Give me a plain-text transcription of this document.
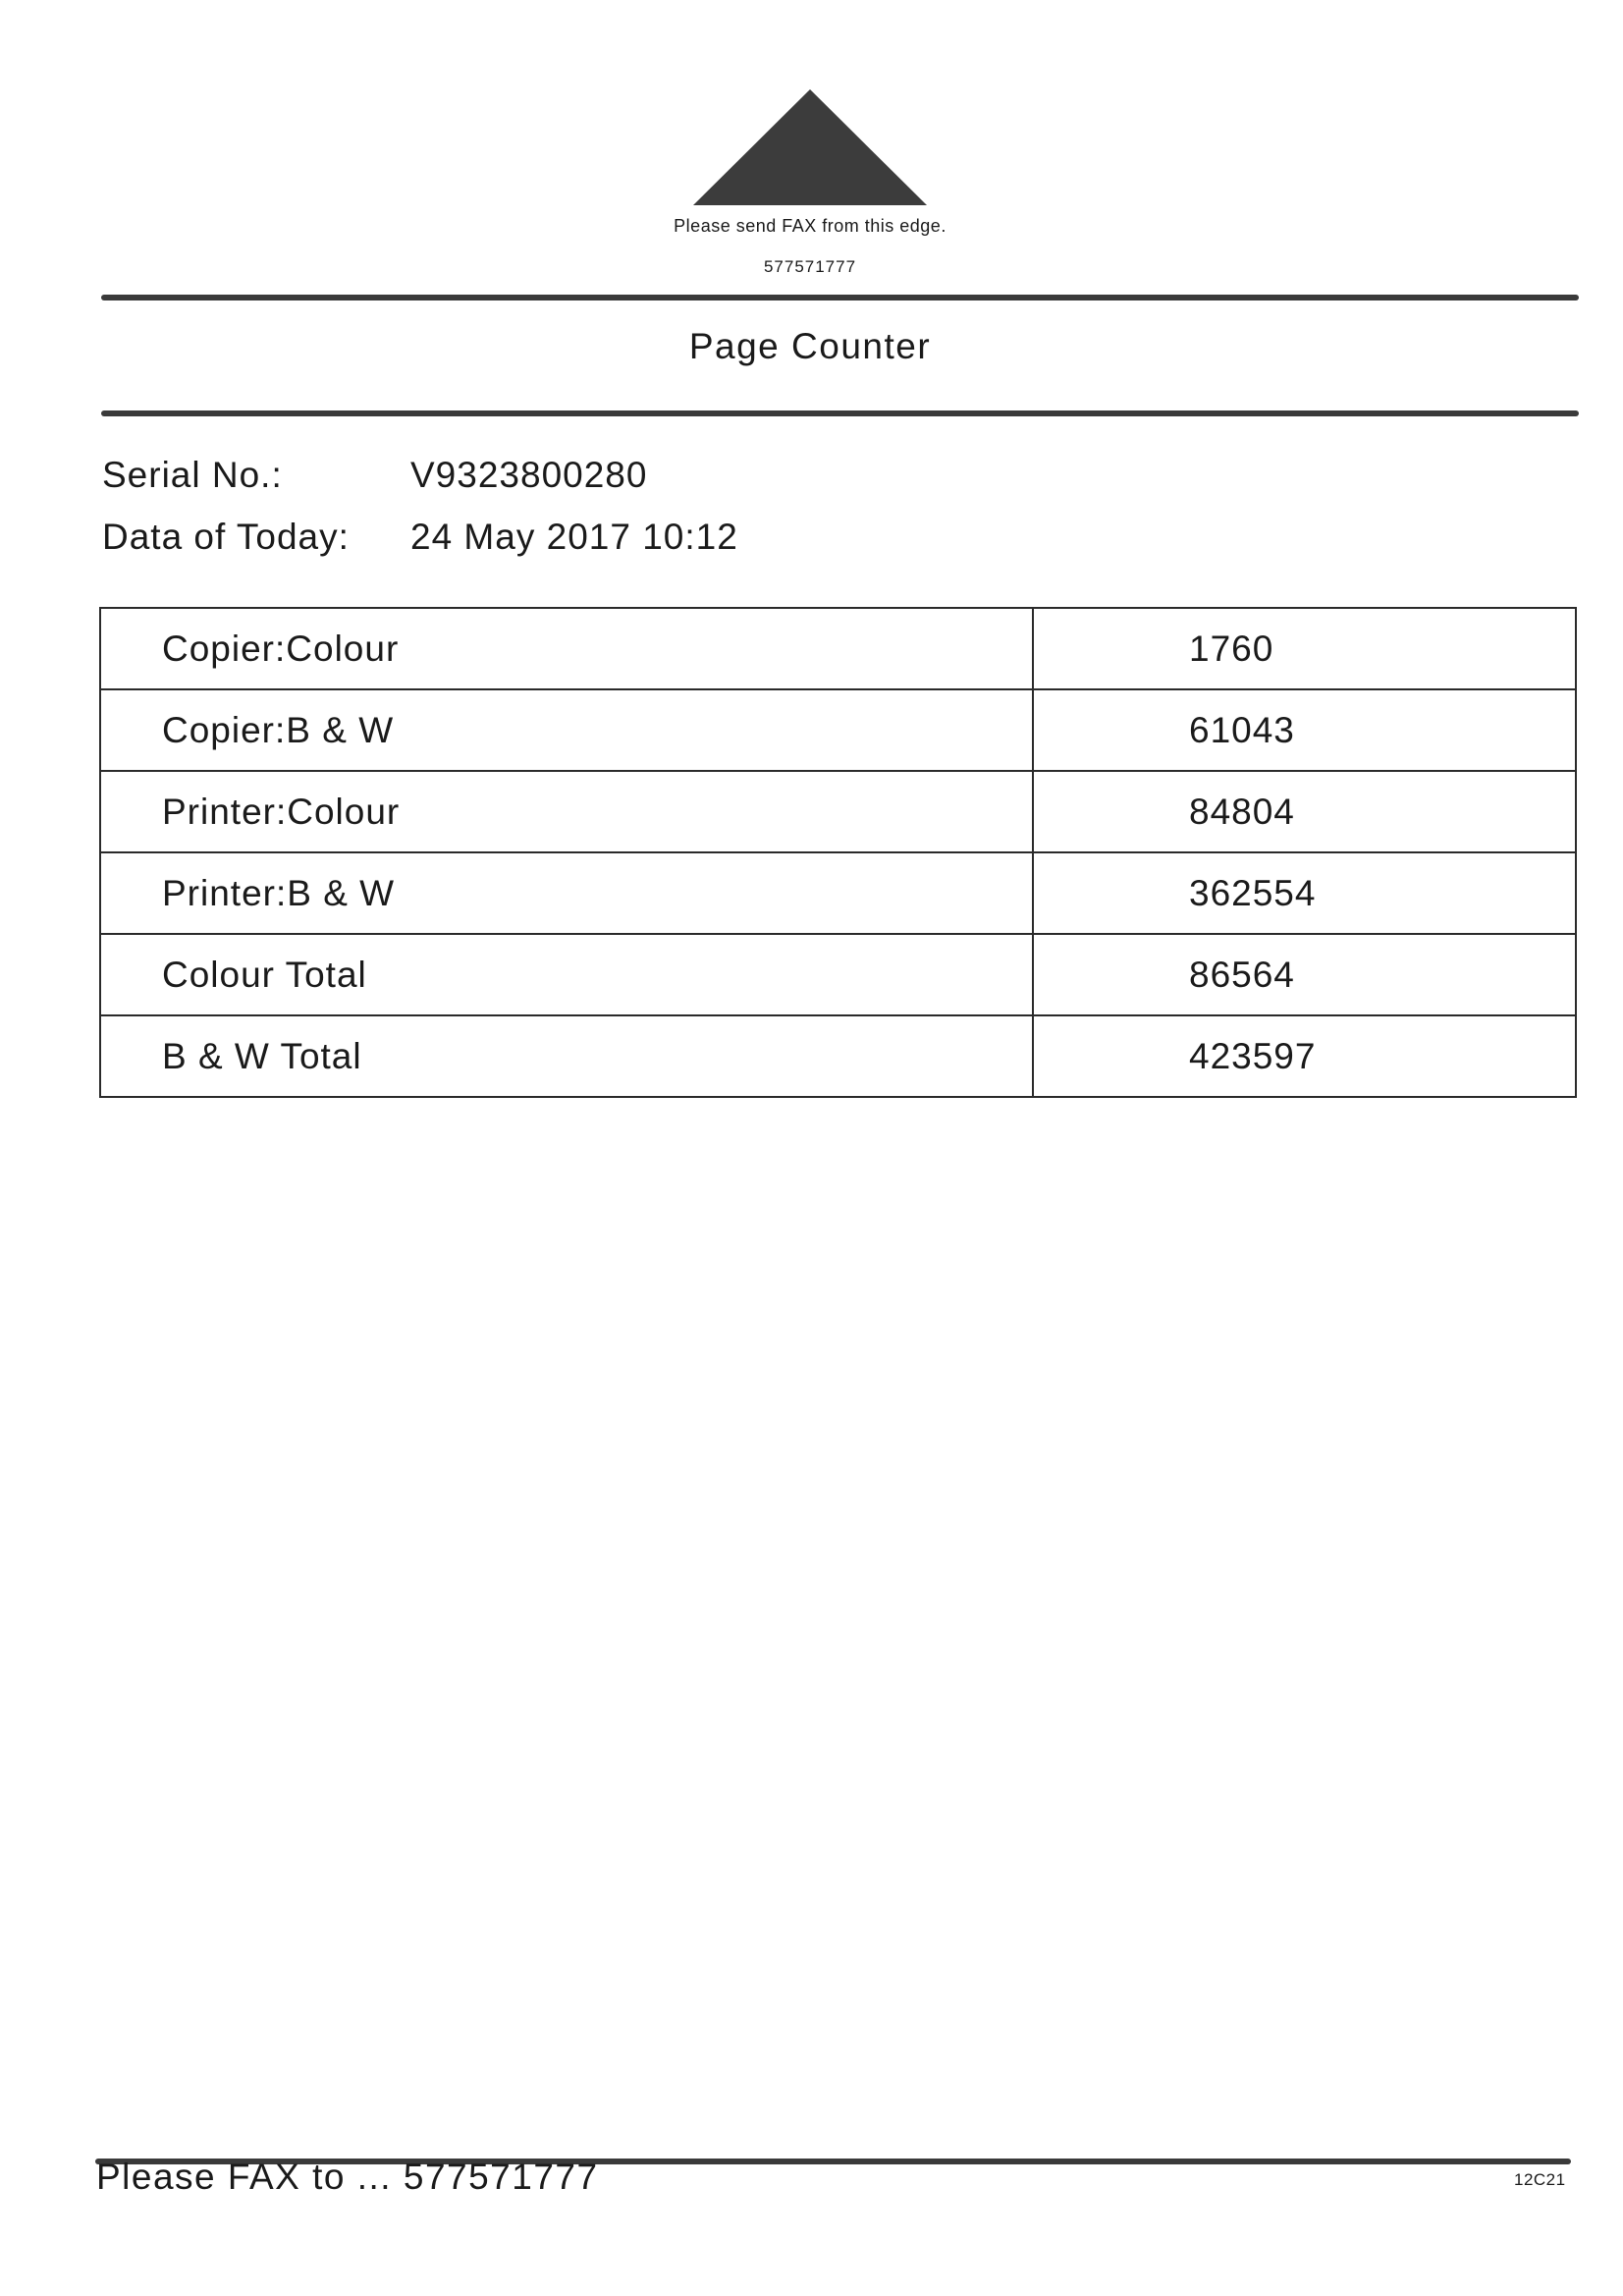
Please send FAX from this edge.
577571777
Page Counter
Serial No.:	V9323800280
Data of Today: 24 May 2017 10:12
Copier:Colour	1760
Copier:B & W	61043
Printer:Colour	84804
Printer:B & W	362554
Colour Total	86564
B & W Total	423597
Please FAX to ... 577571777	12C21
